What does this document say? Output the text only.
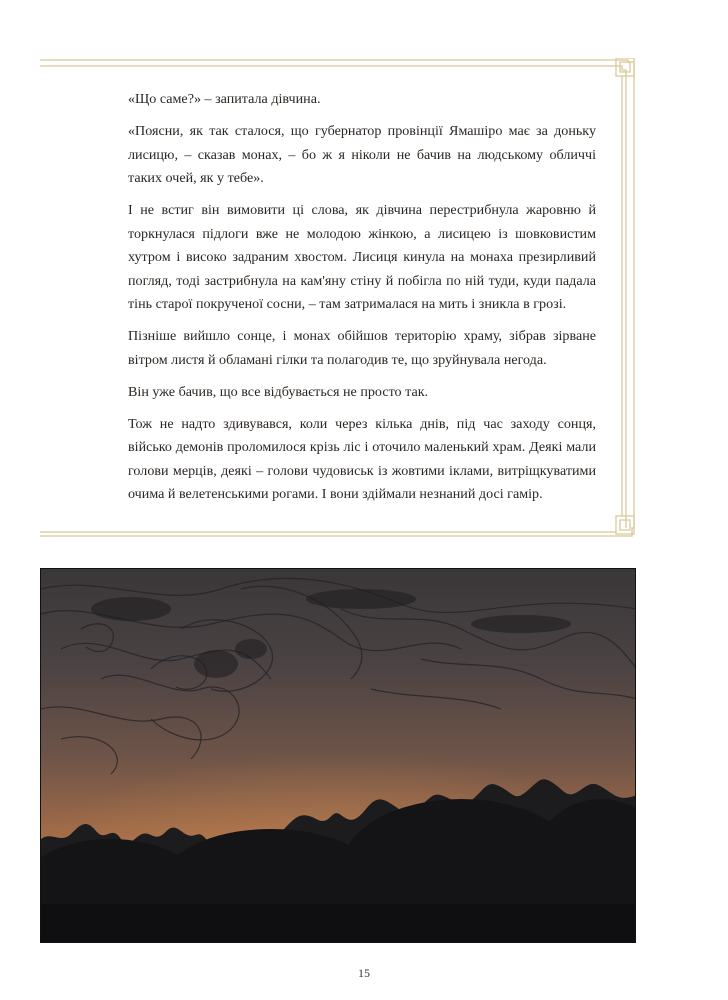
«Що саме?» – запитала дівчина.

«Поясни, як так сталося, що губернатор провінції Ямашіро має за доньку лисицю, – сказав монах, – бо ж я ніколи не бачив на людському обличчі таких очей, як у тебе».

І не встиг він вимовити ці слова, як дівчина перестрибнула жаровню й торкнулася підлоги вже не молодою жінкою, а лисицею із шовковистим хутром і високо задраним хвостом. Лисиця кинула на монаха презирливий погляд, тоді застрибнула на кам'яну стіну й побігла по ній туди, куди падала тінь старої покрученої сосни, – там затрималася на мить і зникла в грозі.

Пізніше вийшло сонце, і монах обійшов територію храму, зібрав зірване вітром листя й обламані гілки та полагодив те, що зруйнувала негода.

Він уже бачив, що все відбувається не просто так.

Тож не надто здивувався, коли через кілька днів, під час заходу сонця, військо демонів проломилося крізь ліс і оточило маленький храм. Деякі мали голови мерців, деякі – голови чудовиськ із жовтими іклами, витріщкуватими очима й велетенськими рогами. І вони здіймали незнаний досі гамір.

15
